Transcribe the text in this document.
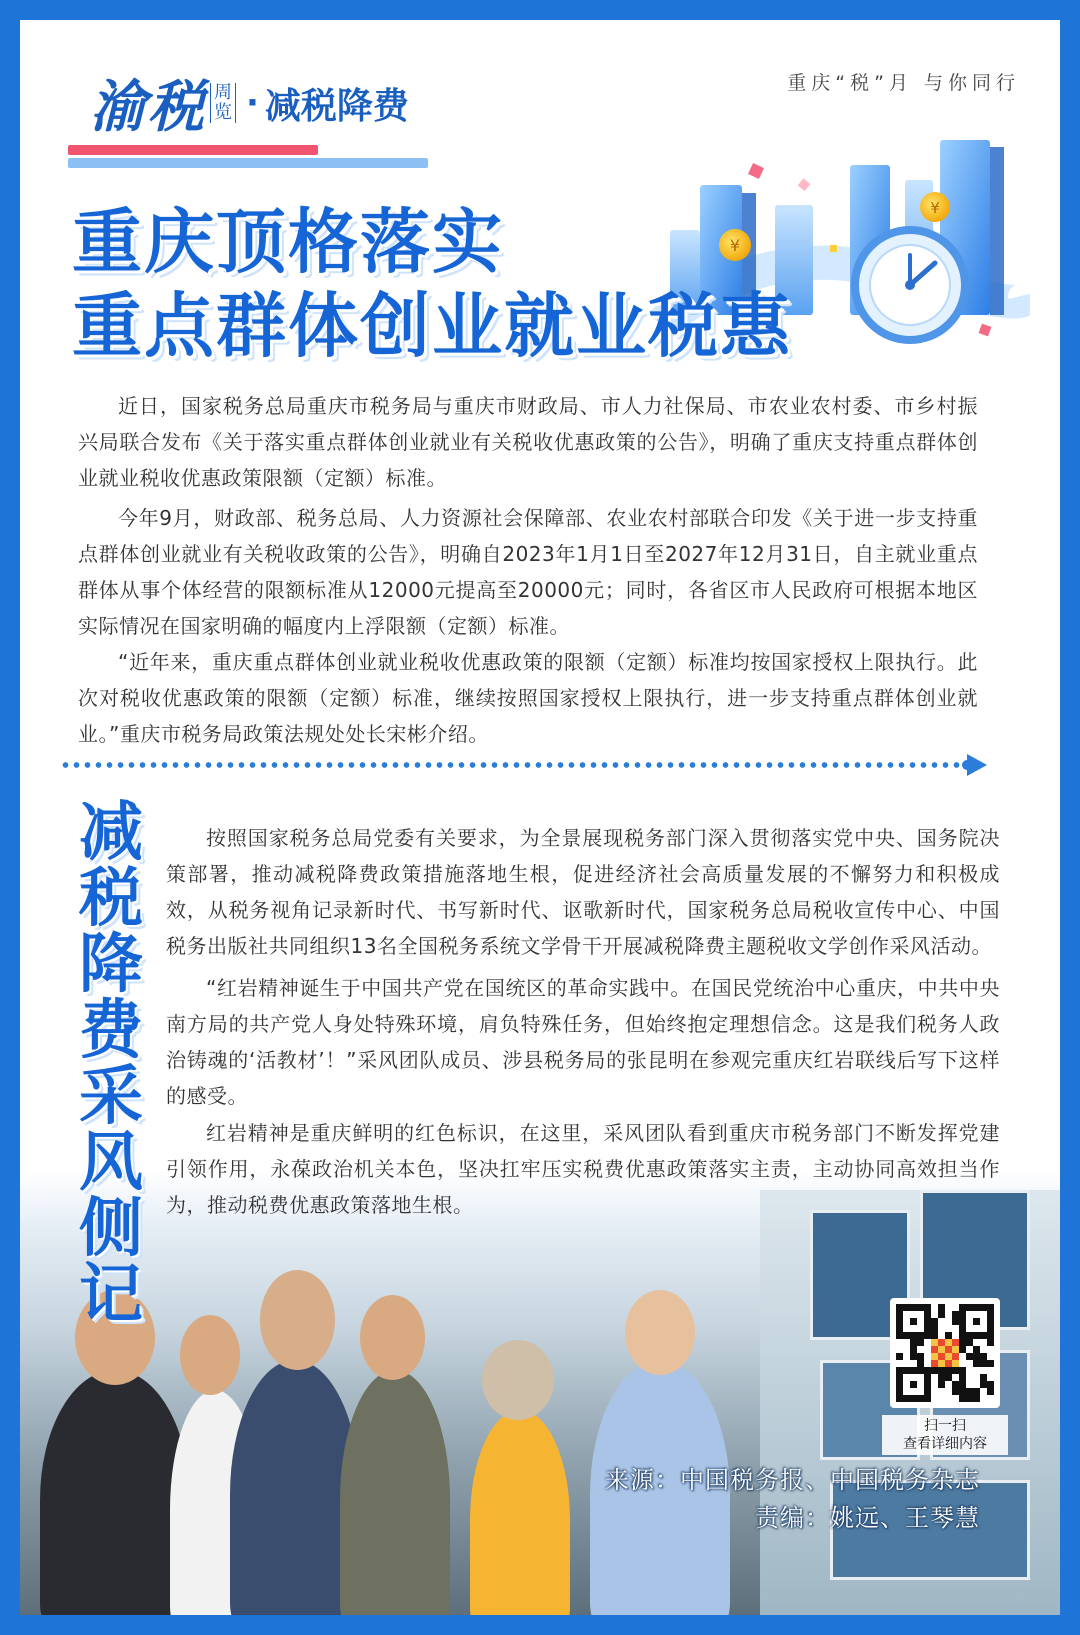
渝税 周
览 · 减税降费
重庆“税”月 与你同行
¥
¥
重庆顶格落实
重点群体创业就业税惠

近日，国家税务总局重庆市税务局与重庆市财政局、市人力社保局、市农业农村委、市乡村振兴局联合发布《关于落实重点群体创业就业有关税收优惠政策的公告》，明确了重庆支持重点群体创业就业税收优惠政策限额（定额）标准。

今年9月，财政部、税务总局、人力资源社会保障部、农业农村部联合印发《关于进一步支持重点群体创业就业有关税收政策的公告》，明确自2023年1月1日至2027年12月31日，自主就业重点群体从事个体经营的限额标准从12000元提高至20000元；同时，各省区市人民政府可根据本地区实际情况在国家明确的幅度内上浮限额（定额）标准。

“近年来，重庆重点群体创业就业税收优惠政策的限额（定额）标准均按国家授权上限执行。此次对税收优惠政策的限额（定额）标准，继续按照国家授权上限执行，进一步支持重点群体创业就业。”重庆市税务局政策法规处处长宋彬介绍。

减税降费采风侧记

按照国家税务总局党委有关要求，为全景展现税务部门深入贯彻落实党中央、国务院决策部署，推动减税降费政策措施落地生根，促进经济社会高质量发展的不懈努力和积极成效，从税务视角记录新时代、书写新时代、讴歌新时代，国家税务总局税收宣传中心、中国税务出版社共同组织13名全国税务系统文学骨干开展减税降费主题税收文学创作采风活动。

“红岩精神诞生于中国共产党在国统区的革命实践中。在国民党统治中心重庆，中共中央南方局的共产党人身处特殊环境，肩负特殊任务，但始终抱定理想信念。这是我们税务人政治铸魂的‘活教材’！”采风团队成员、涉县税务局的张昆明在参观完重庆红岩联线后写下这样的感受。

红岩精神是重庆鲜明的红色标识，在这里，采风团队看到重庆市税务部门不断发挥党建引领作用，永葆政治机关本色，坚决扛牢压实税费优惠政策落实主责，主动协同高效担当作为，推动税费优惠政策落地生根。

扫一扫
查看详细内容
来源：中国税务报、中国税务杂志
责编：姚远、王琴慧
